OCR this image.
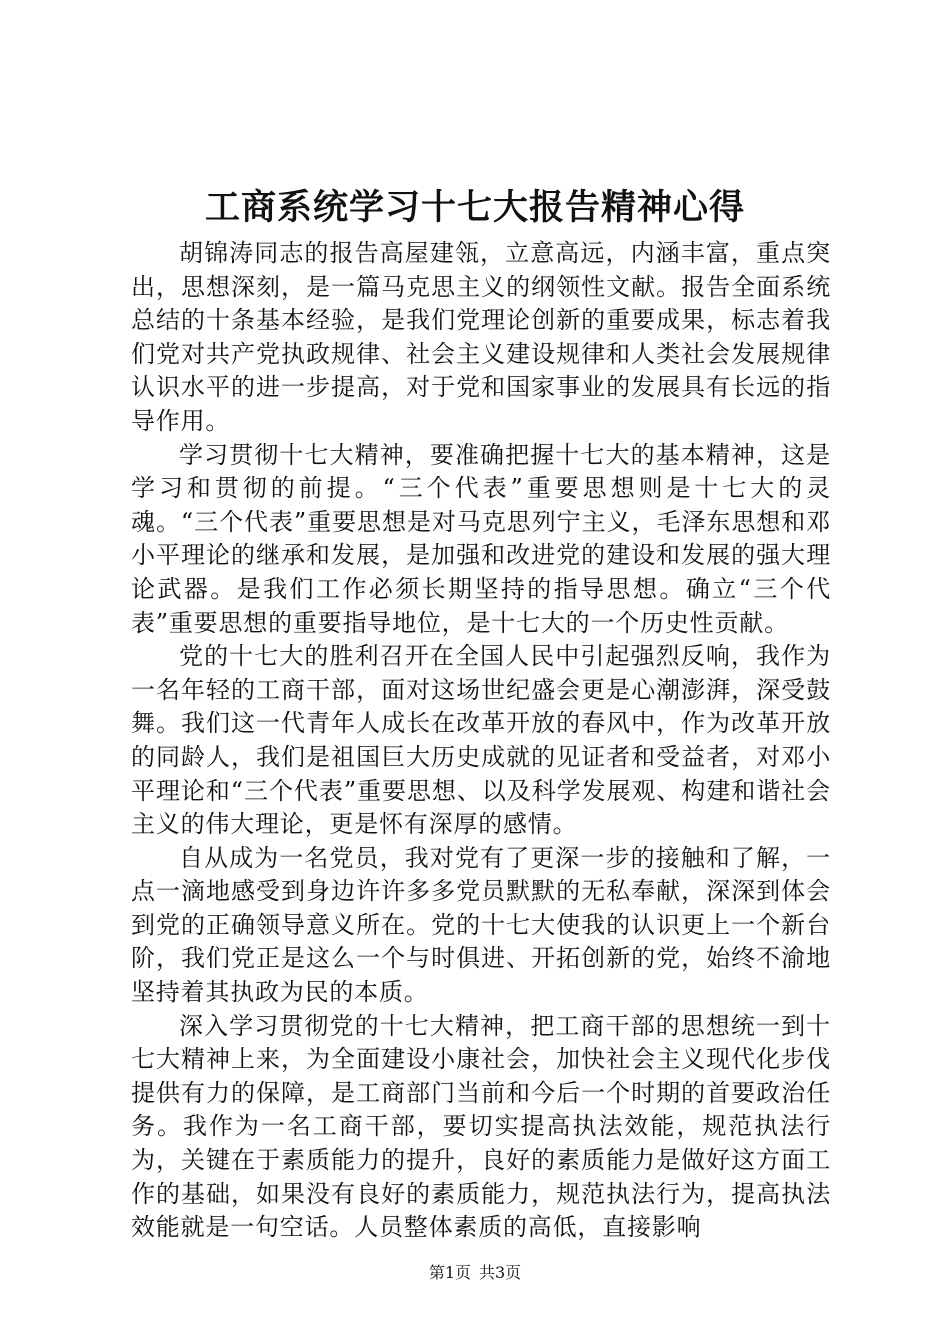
工商系统学习十七大报告精神心得

胡锦涛同志的报告高屋建瓴，立意高远，内涵丰富，重点突出，思想深刻，是一篇马克思主义的纲领性文献。报告全面系统总结的十条基本经验，是我们党理论创新的重要成果，标志着我们党对共产党执政规律、社会主义建设规律和人类社会发展规律认识水平的进一步提高，对于党和国家事业的发展具有长远的指导作用。

学习贯彻十七大精神，要准确把握十七大的基本精神，这是学习和贯彻的前提。“三个代表”重要思想则是十七大的灵魂。“三个代表”重要思想是对马克思列宁主义，毛泽东思想和邓小平理论的继承和发展，是加强和改进党的建设和发展的强大理论武器。是我们工作必须长期坚持的指导思想。确立“三个代表”重要思想的重要指导地位，是十七大的一个历史性贡献。

党的十七大的胜利召开在全国人民中引起强烈反响，我作为一名年轻的工商干部，面对这场世纪盛会更是心潮澎湃，深受鼓舞。我们这一代青年人成长在改革开放的春风中，作为改革开放的同龄人，我们是祖国巨大历史成就的见证者和受益者，对邓小平理论和“三个代表”重要思想、以及科学发展观、构建和谐社会主义的伟大理论，更是怀有深厚的感情。

自从成为一名党员，我对党有了更深一步的接触和了解，一点一滴地感受到身边许许多多党员默默的无私奉献，深深到体会到党的正确领导意义所在。党的十七大使我的认识更上一个新台阶，我们党正是这么一个与时俱进、开拓创新的党，始终不渝地坚持着其执政为民的本质。

深入学习贯彻党的十七大精神，把工商干部的思想统一到十七大精神上来，为全面建设小康社会，加快社会主义现代化步伐提供有力的保障，是工商部门当前和今后一个时期的首要政治任务。我作为一名工商干部，要切实提高执法效能，规范执法行为，关键在于素质能力的提升，良好的素质能力是做好这方面工作的基础，如果没有良好的素质能力，规范执法行为，提高执法效能就是一句空话。人员整体素质的高低，直接影响

第1页 共3页
